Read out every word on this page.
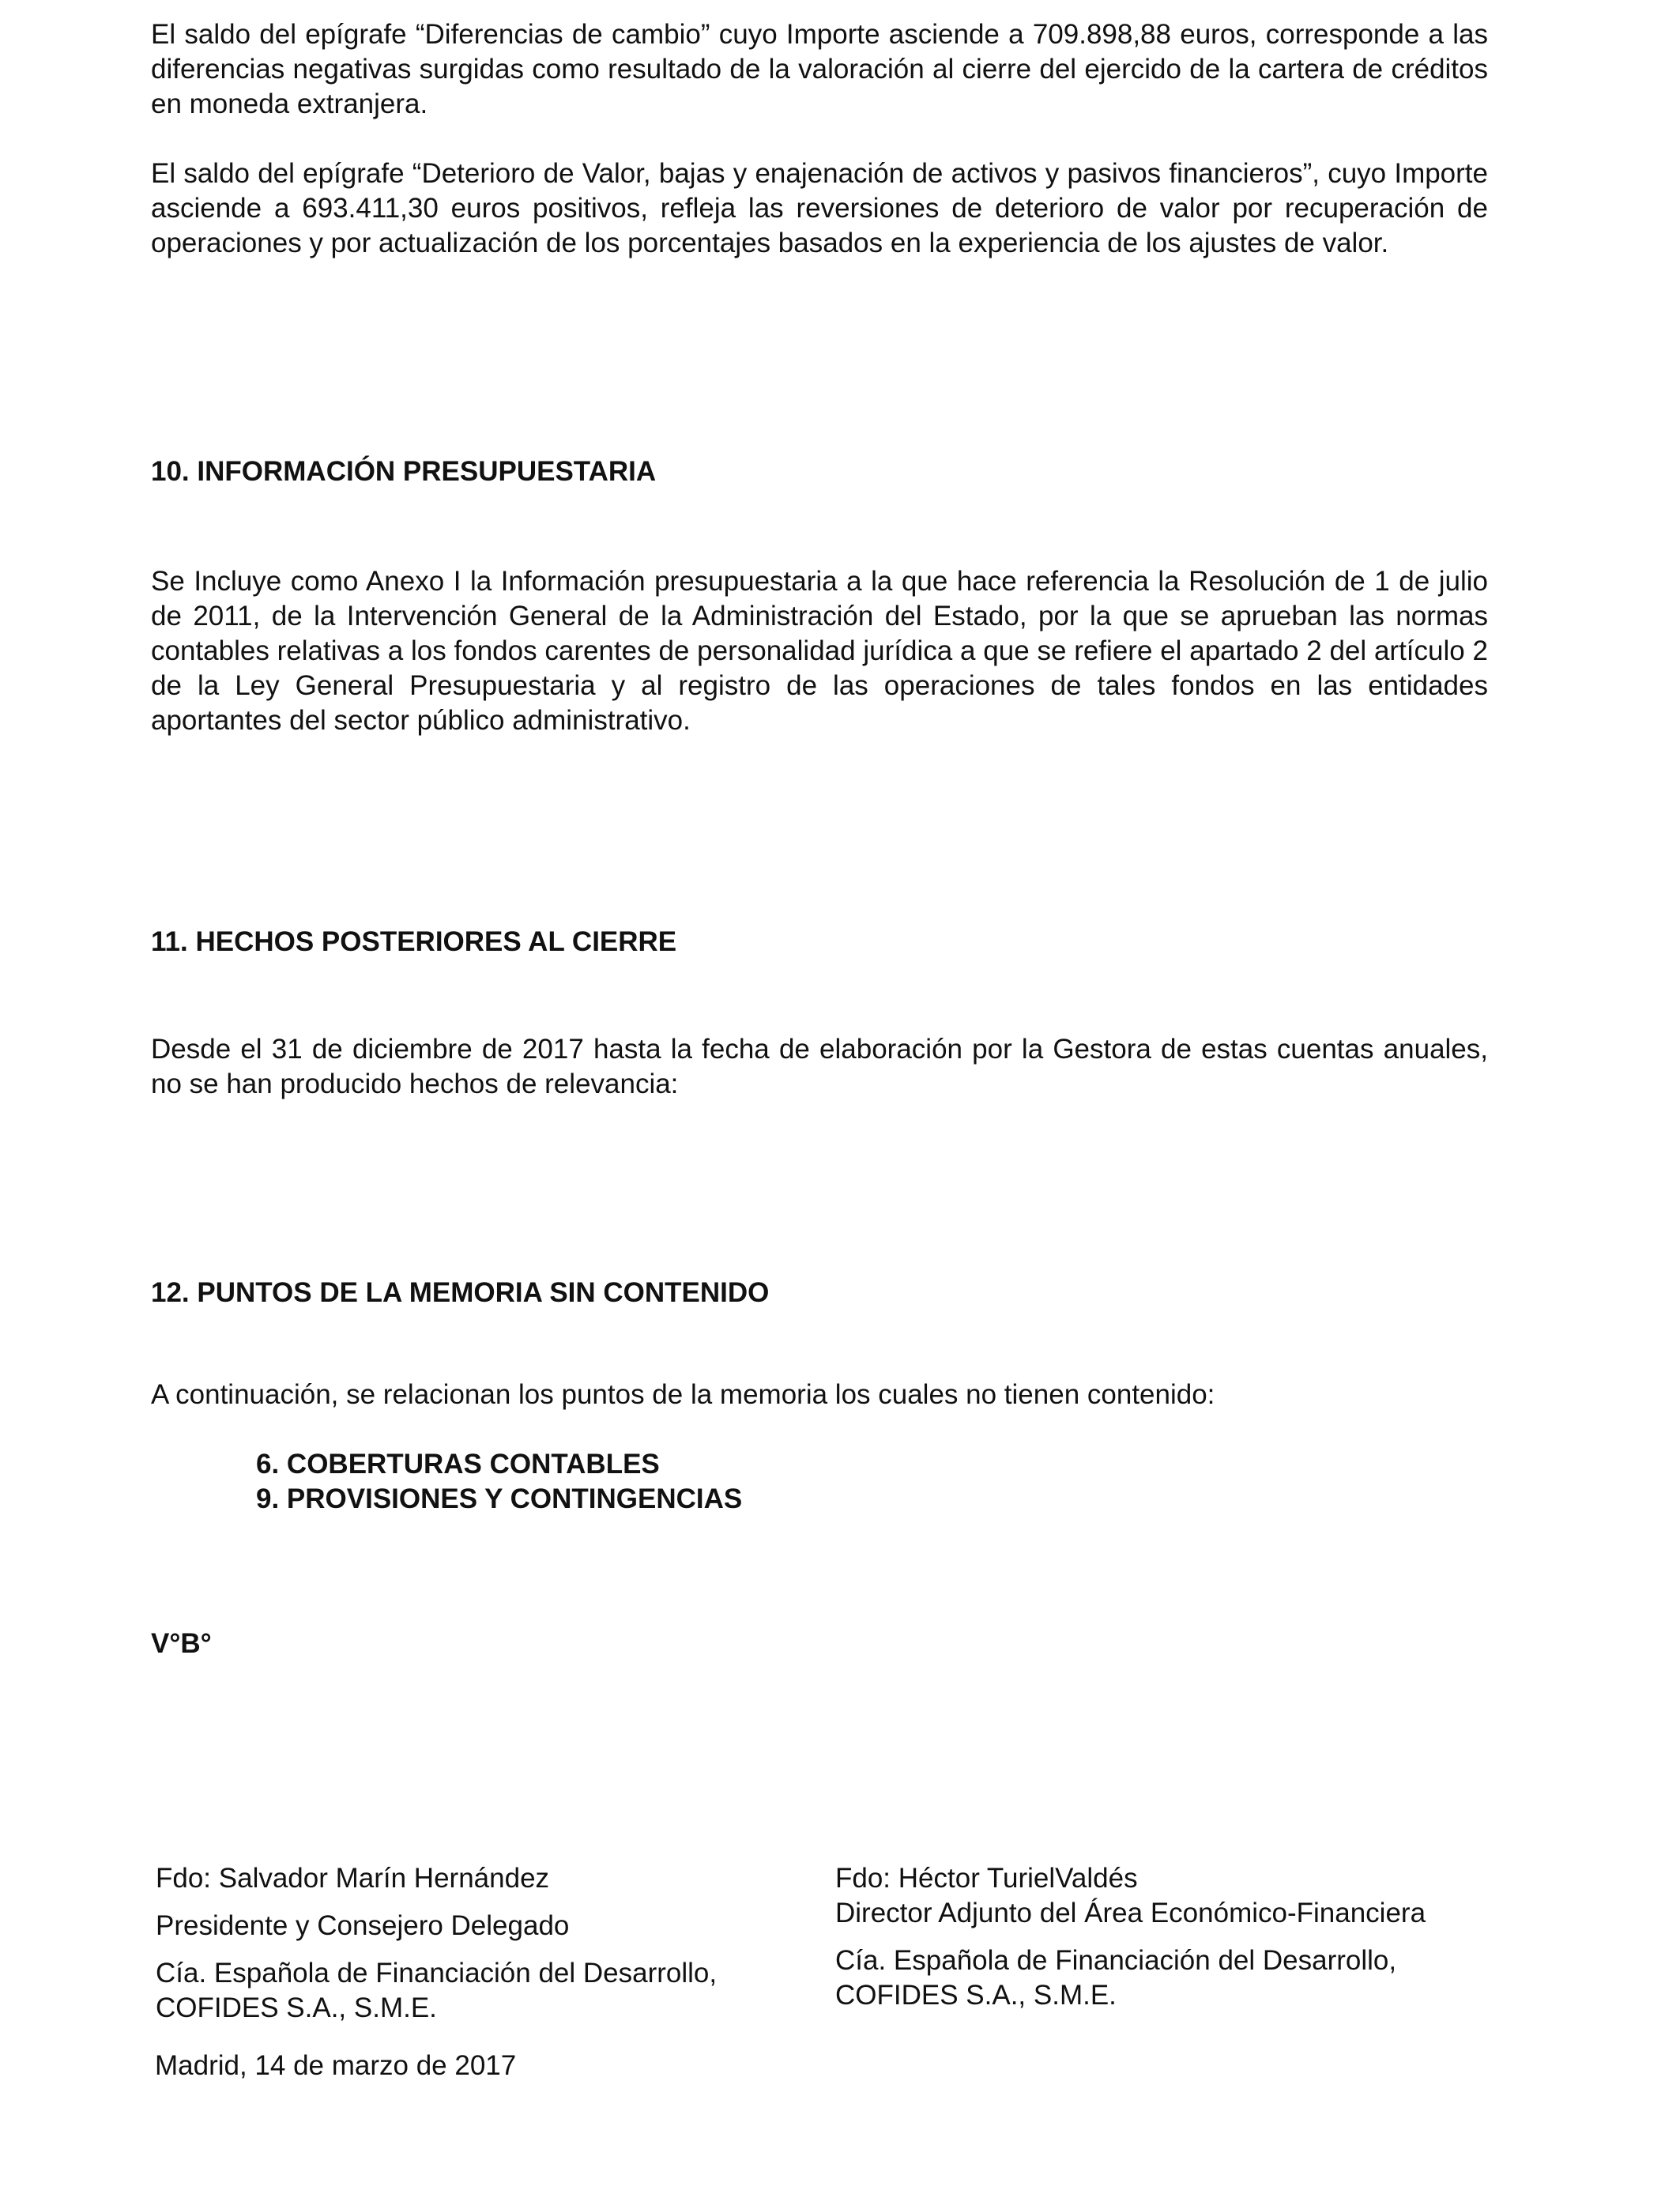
El saldo del epígrafe “Diferencias de cambio” cuyo Importe asciende a 709.898,88 euros, corresponde a las diferencias negativas surgidas como resultado de la valoración al cierre del ejercido de la cartera de créditos en moneda extranjera.

El saldo del epígrafe “Deterioro de Valor, bajas y enajenación de activos y pasivos financieros”, cuyo Importe asciende a 693.411,30 euros positivos, refleja las reversiones de deterioro de valor por recuperación de operaciones y por actualización de los porcentajes basados en la experiencia de los ajustes de valor.

10. INFORMACIÓN PRESUPUESTARIA

Se Incluye como Anexo I la Información presupuestaria a la que hace referencia la Resolución de 1 de julio de 2011, de la Intervención General de la Administración del Estado, por la que se aprueban las normas contables relativas a los fondos carentes de personalidad jurídica a que se refiere el apartado 2 del artículo 2 de la Ley General Presupuestaria y al registro de las operaciones de tales fondos en las entidades aportantes del sector público administrativo.

11. HECHOS POSTERIORES AL CIERRE

Desde el 31 de diciembre de 2017 hasta la fecha de elaboración por la Gestora de estas cuentas anuales, no se han producido hechos de relevancia:

12. PUNTOS DE LA MEMORIA SIN CONTENIDO

A continuación, se relacionan los puntos de la memoria los cuales no tienen contenido:

6. COBERTURAS CONTABLES
9. PROVISIONES Y CONTINGENCIAS

V°B°

Fdo: Salvador Marín Hernández
Presidente y Consejero Delegado
Cía. Española de Financiación del Desarrollo,
COFIDES S.A., S.M.E.
Fdo: Héctor TurielValdés
Director Adjunto del Área Económico-Financiera
Cía. Española de Financiación del Desarrollo,
COFIDES S.A., S.M.E.

Madrid, 14 de marzo de 2017
